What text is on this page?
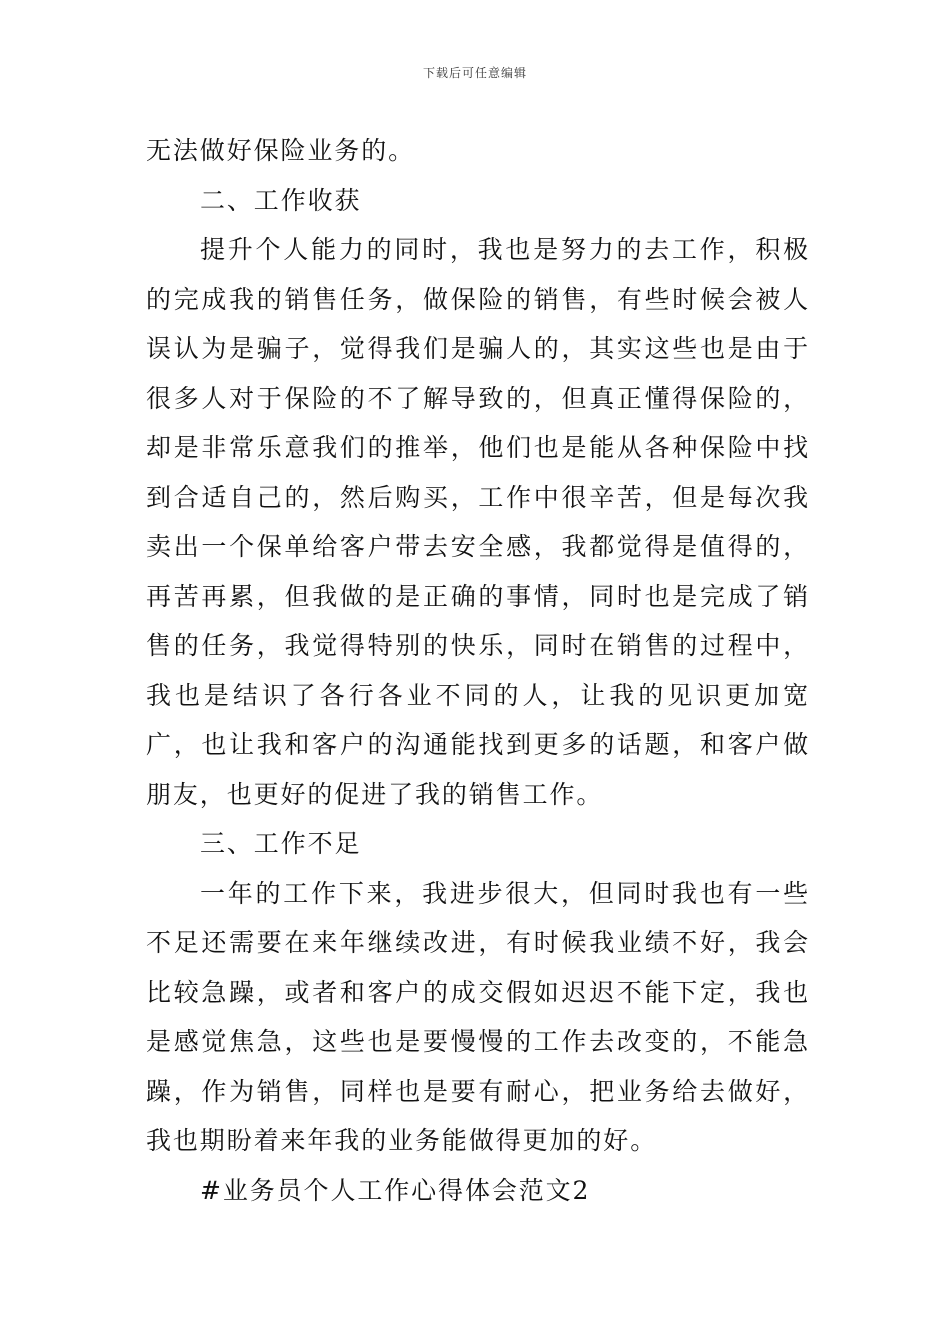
下载后可任意编辑

无法做好保险业务的。

二、工作收获

提升个人能力的同时，我也是努力的去工作，积极的完成我的销售任务，做保险的销售，有些时候会被人误认为是骗子，觉得我们是骗人的，其实这些也是由于很多人对于保险的不了解导致的，但真正懂得保险的，却是非常乐意我们的推举，他们也是能从各种保险中找到合适自己的，然后购买，工作中很辛苦，但是每次我卖出一个保单给客户带去安全感，我都觉得是值得的，再苦再累，但我做的是正确的事情，同时也是完成了销售的任务，我觉得特别的快乐，同时在销售的过程中，我也是结识了各行各业不同的人，让我的见识更加宽广，也让我和客户的沟通能找到更多的话题，和客户做朋友，也更好的促进了我的销售工作。

三、工作不足

一年的工作下来，我进步很大，但同时我也有一些不足还需要在来年继续改进，有时候我业绩不好，我会比较急躁，或者和客户的成交假如迟迟不能下定，我也是感觉焦急，这些也是要慢慢的工作去改变的，不能急躁，作为销售，同样也是要有耐心，把业务给去做好，我也期盼着来年我的业务能做得更加的好。

#业务员个人工作心得体会范文2
